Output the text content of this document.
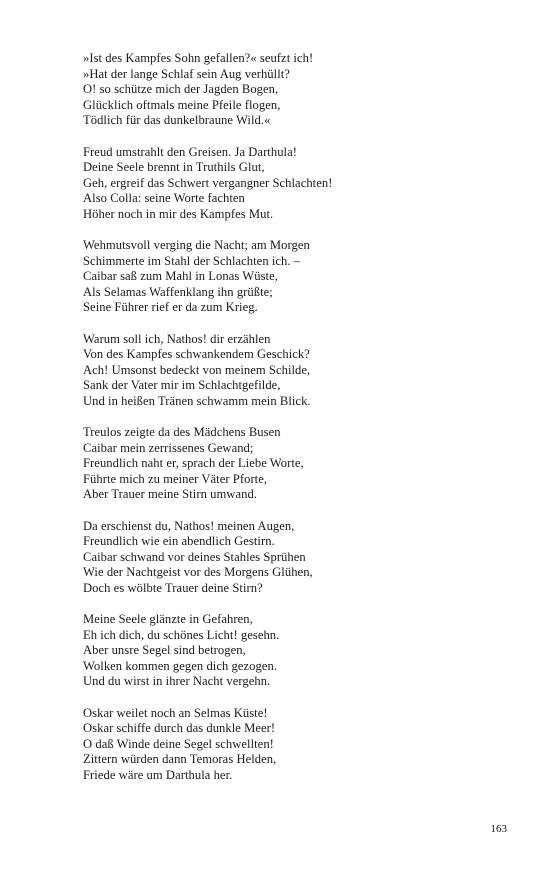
»Ist des Kampfes Sohn gefallen?« seufzt ich!
»Hat der lange Schlaf sein Aug verhüllt?
O! so schütze mich der Jagden Bogen,
Glücklich oftmals meine Pfeile flogen,
Tödlich für das dunkelbraune Wild.«
Freud umstrahlt den Greisen. Ja Darthula!
Deine Seele brennt in Truthils Glut,
Geh, ergreif das Schwert vergangner Schlachten!
Also Colla: seine Worte fachten
Höher noch in mir des Kampfes Mut.
Wehmutsvoll verging die Nacht; am Morgen
Schimmerte im Stahl der Schlachten ich. –
Caibar saß zum Mahl in Lonas Wüste,
Als Selamas Waffenklang ihn grüßte;
Seine Führer rief er da zum Krieg.
Warum soll ich, Nathos! dir erzählen
Von des Kampfes schwankendem Geschick?
Ach! Umsonst bedeckt von meinem Schilde,
Sank der Vater mir im Schlachtgefilde,
Und in heißen Tränen schwamm mein Blick.
Treulos zeigte da des Mädchens Busen
Caibar mein zerrissenes Gewand;
Freundlich naht er, sprach der Liebe Worte,
Führte mich zu meiner Väter Pforte,
Aber Trauer meine Stirn umwand.
Da erschienst du, Nathos! meinen Augen,
Freundlich wie ein abendlich Gestirn.
Caibar schwand vor deines Stahles Sprühen
Wie der Nachtgeist vor des Morgens Glühen,
Doch es wölbte Trauer deine Stirn?
Meine Seele glänzte in Gefahren,
Eh ich dich, du schönes Licht! gesehn.
Aber unsre Segel sind betrogen,
Wolken kommen gegen dich gezogen.
Und du wirst in ihrer Nacht vergehn.
Oskar weilet noch an Selmas Küste!
Oskar schiffe durch das dunkle Meer!
O daß Winde deine Segel schwellten!
Zittern würden dann Temoras Helden,
Friede wäre um Darthula her.
163
